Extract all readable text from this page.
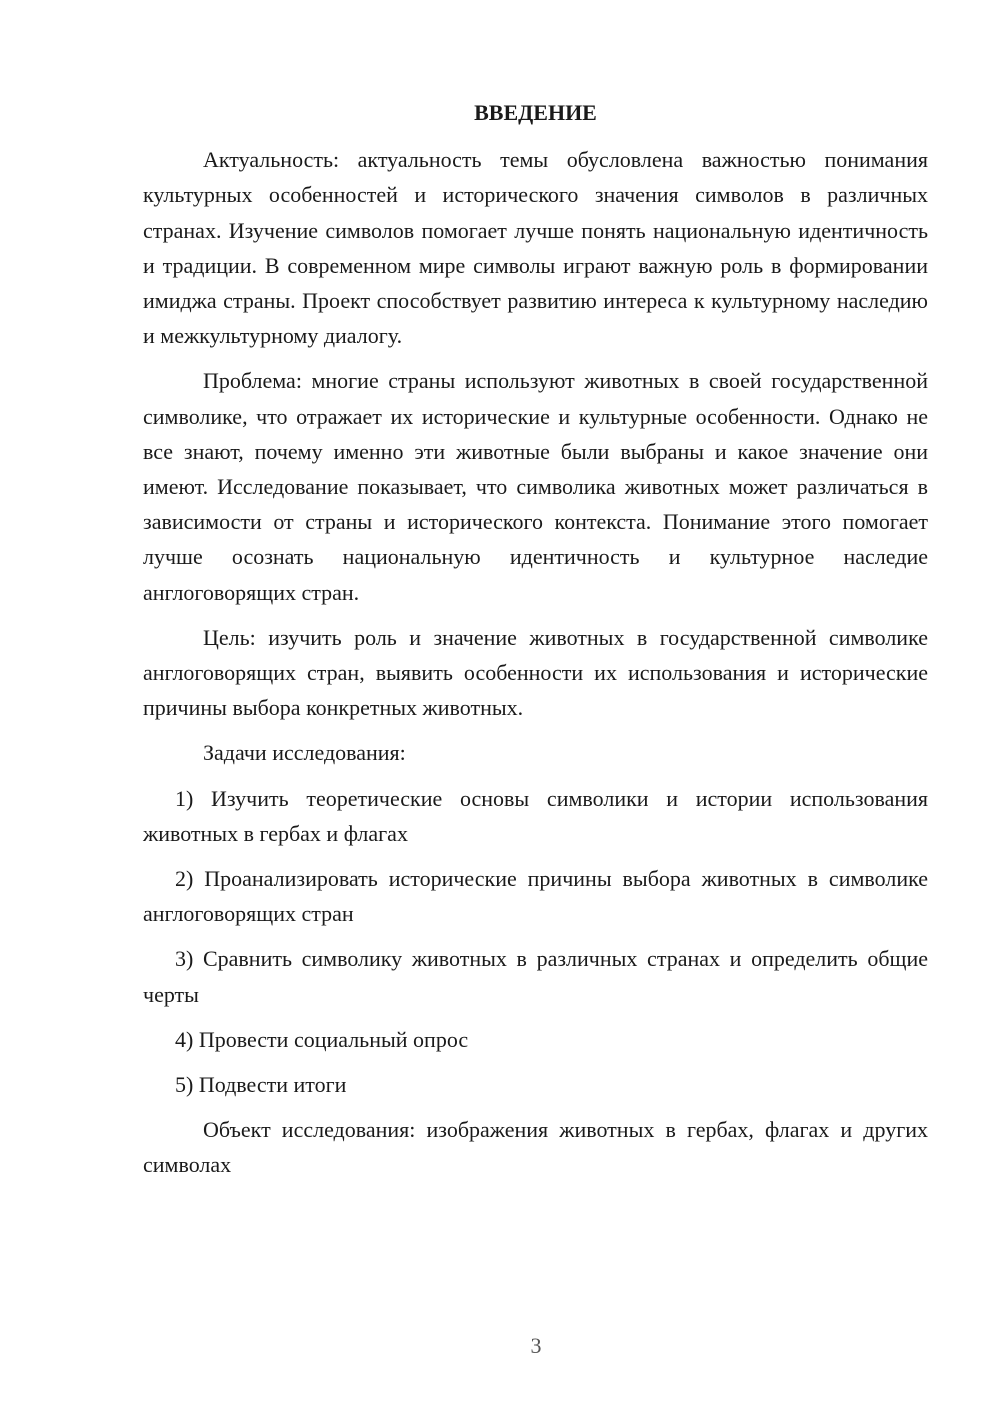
ВВЕДЕНИЕ

Актуальность: актуальность темы обусловлена важностью понимания культурных особенностей и исторического значения символов в различных странах. Изучение символов помогает лучше понять национальную идентичность и традиции. В современном мире символы играют важную роль в формировании имиджа страны. Проект способствует развитию интереса к культурному наследию и межкультурному диалогу.

Проблема: многие страны используют животных в своей государственной символике, что отражает их исторические и культурные особенности. Однако не все знают, почему именно эти животные были выбраны и какое значение они имеют. Исследование показывает, что символика животных может различаться в зависимости от страны и исторического контекста. Понимание этого помогает лучше осознать национальную идентичность и культурное наследие англоговорящих стран.

Цель: изучить роль и значение животных в государственной символике англоговорящих стран, выявить особенности их использования и исторические причины выбора конкретных животных.

Задачи исследования:

1) Изучить теоретические основы символики и истории использования животных в гербах и флагах

2) Проанализировать исторические причины выбора животных в символике англоговорящих стран

3) Сравнить символику животных в различных странах и определить общие черты

4) Провести социальный опрос

5) Подвести итоги

Объект исследования: изображения животных в гербах, флагах и других символах

3
